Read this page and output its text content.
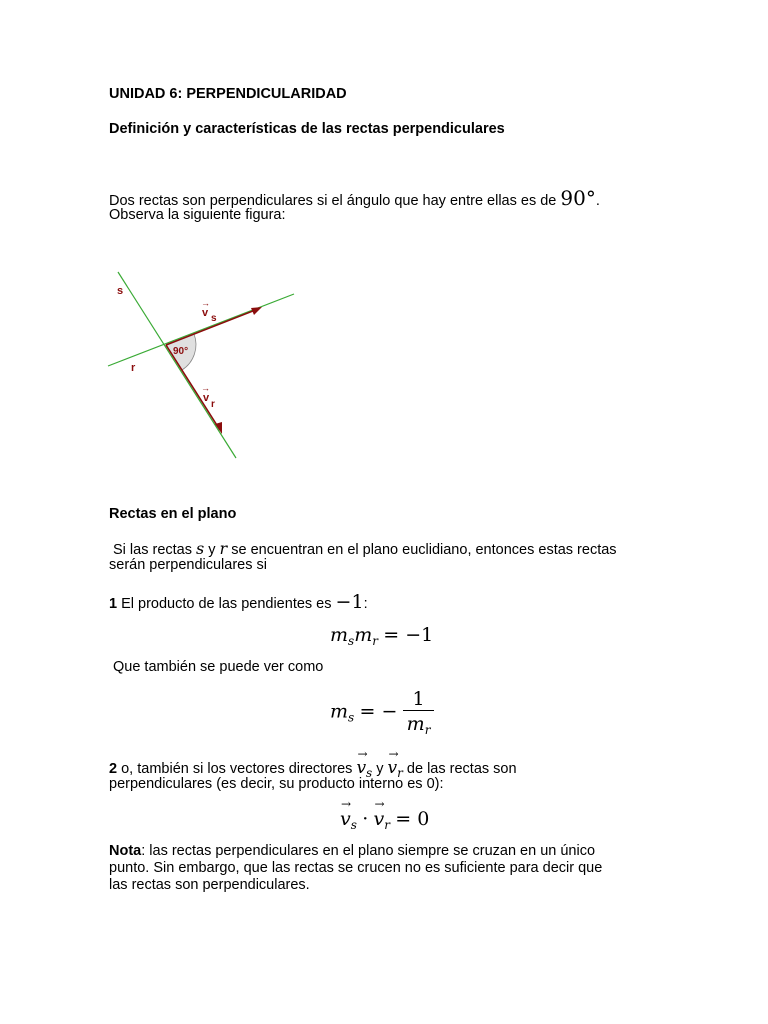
UNIDAD 6: PERPENDICULARIDAD
Definición y características de las rectas perpendiculares
Dos rectas son perpendiculares si el ángulo que hay entre ellas es de 90°.
Observa la siguiente figura:
s
r
→
v s
→
v
r
90°
Rectas en el plano
Si las rectas s y r se encuentran en el plano euclidiano, entonces estas rectas
serán perpendiculares si
1 El producto de las pendientes es −1:
$m_sm_r = -1$
Que también se puede ver como
$m_s$ = − $\frac{1}{m_r}$
2 o, también si los vectores directores → $v_s$ $y \to v_r$ de las rectas son
perpendiculares (es decir, su producto interno es 0):
→ $v_s$ · → $v_r = 0$
Nota: las rectas perpendiculares en el plano siempre se cruzan en un único
punto. Sin embargo, que las rectas se crucen no es suficiente para decir que
las rectas son perpendiculares.
